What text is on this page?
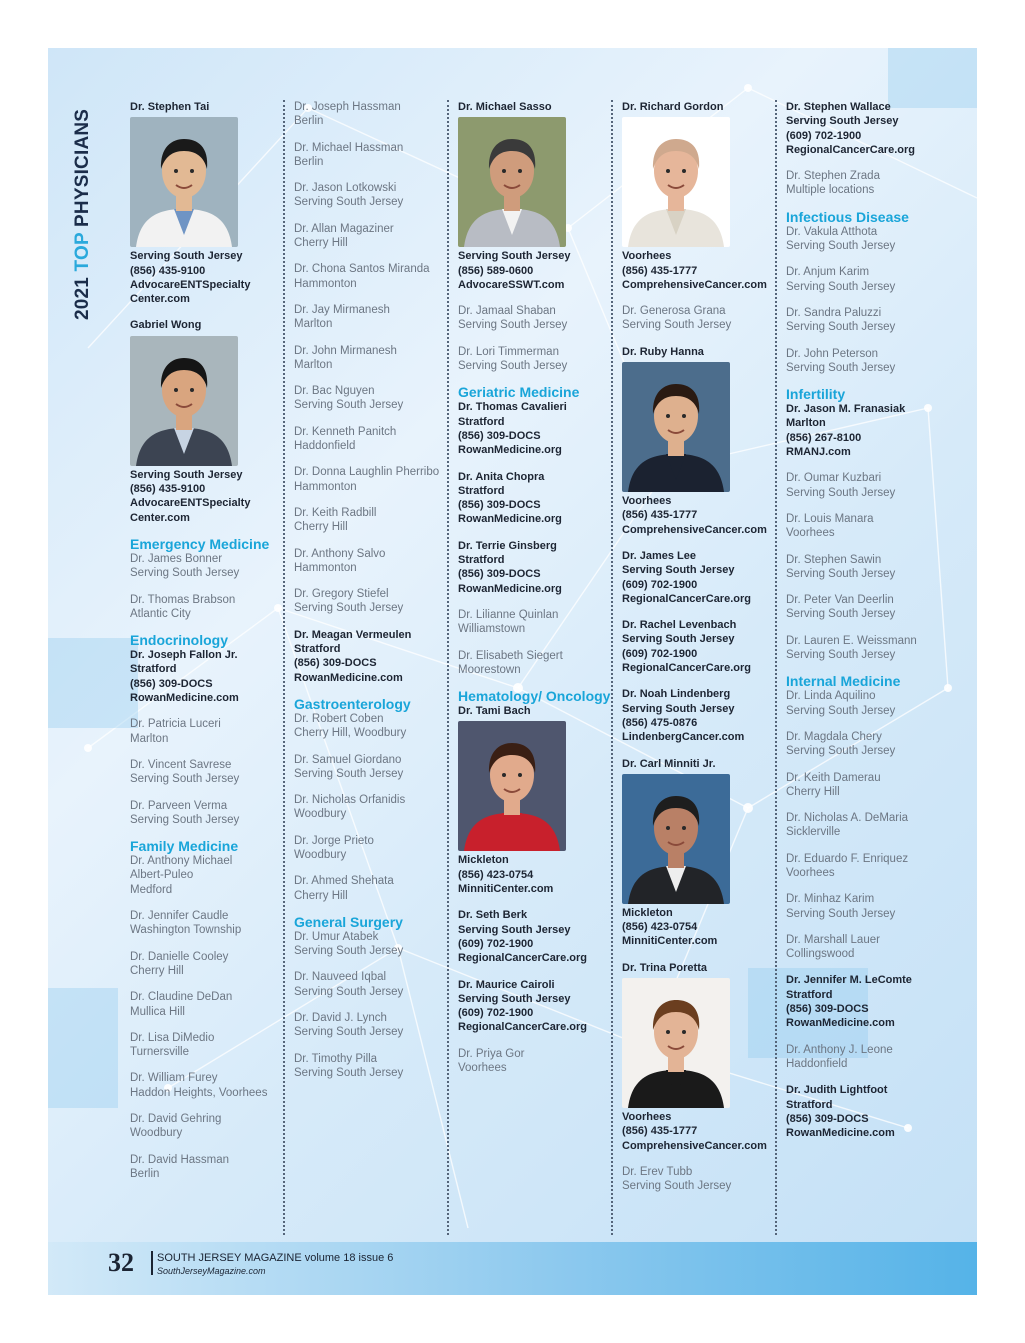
2021 TOP PHYSICIANS
Dr. Stephen Tai
Serving South Jersey
(856) 435-9100
AdvocareENTSpecialty
Center.com
Gabriel Wong
Serving South Jersey
(856) 435-9100
AdvocareENTSpecialty
Center.com
Emergency Medicine
Dr. James Bonner
Serving South Jersey
Dr. Thomas Brabson
Atlantic City
Endocrinology
Dr. Joseph Fallon Jr.
Stratford
(856) 309-DOCS
RowanMedicine.com
Dr. Patricia Luceri
Marlton
Dr. Vincent Savrese
Serving South Jersey
Dr. Parveen Verma
Serving South Jersey
Family Medicine
Dr. Anthony Michael
Albert-Puleo
Medford
Dr. Jennifer Caudle
Washington Township
Dr. Danielle Cooley
Cherry Hill
Dr. Claudine DeDan
Mullica Hill
Dr. Lisa DiMedio
Turnersville
Dr. William Furey
Haddon Heights, Voorhees
Dr. David Gehring
Woodbury
Dr. David Hassman
Berlin
Dr. Joseph Hassman
Berlin
Dr. Michael Hassman
Berlin
Dr. Jason Lotkowski
Serving South Jersey
Dr. Allan Magaziner
Cherry Hill
Dr. Chona Santos Miranda
Hammonton
Dr. Jay Mirmanesh
Marlton
Dr. John Mirmanesh
Marlton
Dr. Bac Nguyen
Serving South Jersey
Dr. Kenneth Panitch
Haddonfield
Dr. Donna Laughlin Pherribo
Hammonton
Dr. Keith Radbill
Cherry Hill
Dr. Anthony Salvo
Hammonton
Dr. Gregory Stiefel
Serving South Jersey
Dr. Meagan Vermeulen
Stratford
(856) 309-DOCS
RowanMedicine.com
Gastroenterology
Dr. Robert Coben
Cherry Hill, Woodbury
Dr. Samuel Giordano
Serving South Jersey
Dr. Nicholas Orfanidis
Woodbury
Dr. Jorge Prieto
Woodbury
Dr. Ahmed Shehata
Cherry Hill
General Surgery
Dr. Umur Atabek
Serving South Jersey
Dr. Nauveed Iqbal
Serving South Jersey
Dr. David J. Lynch
Serving South Jersey
Dr. Timothy Pilla
Serving South Jersey
Dr. Michael Sasso
Serving South Jersey
(856) 589-0600
AdvocareSSWT.com
Dr. Jamaal Shaban
Serving South Jersey
Dr. Lori Timmerman
Serving South Jersey
Geriatric Medicine
Dr. Thomas Cavalieri
Stratford
(856) 309-DOCS
RowanMedicine.org
Dr. Anita Chopra
Stratford
(856) 309-DOCS
RowanMedicine.org
Dr. Terrie Ginsberg
Stratford
(856) 309-DOCS
RowanMedicine.org
Dr. Lilianne Quinlan
Williamstown
Dr. Elisabeth Siegert
Moorestown
Hematology/ Oncology
Dr. Tami Bach
Mickleton
(856) 423-0754
MinnitiCenter.com
Dr. Seth Berk
Serving South Jersey
(609) 702-1900
RegionalCancerCare.org
Dr. Maurice Cairoli
Serving South Jersey
(609) 702-1900
RegionalCancerCare.org
Dr. Priya Gor
Voorhees
Dr. Richard Gordon
Voorhees
(856) 435-1777
ComprehensiveCancer.com
Dr. Generosa Grana
Serving South Jersey
Dr. Ruby Hanna
Voorhees
(856) 435-1777
ComprehensiveCancer.com
Dr. James Lee
Serving South Jersey
(609) 702-1900
RegionalCancerCare.org
Dr. Rachel Levenbach
Serving South Jersey
(609) 702-1900
RegionalCancerCare.org
Dr. Noah Lindenberg
Serving South Jersey
(856) 475-0876
LindenbergCancer.com
Dr. Carl Minniti Jr.
Mickleton
(856) 423-0754
MinnitiCenter.com
Dr. Trina Poretta
Voorhees
(856) 435-1777
ComprehensiveCancer.com
Dr. Erev Tubb
Serving South Jersey
Dr. Stephen Wallace
Serving South Jersey
(609) 702-1900
RegionalCancerCare.org
Dr. Stephen Zrada
Multiple locations
Infectious Disease
Dr. Vakula Atthota
Serving South Jersey
Dr. Anjum Karim
Serving South Jersey
Dr. Sandra Paluzzi
Serving South Jersey
Dr. John Peterson
Serving South Jersey
Infertility
Dr. Jason M. Franasiak
Marlton
(856) 267-8100
RMANJ.com
Dr. Oumar Kuzbari
Serving South Jersey
Dr. Louis Manara
Voorhees
Dr. Stephen Sawin
Serving South Jersey
Dr. Peter Van Deerlin
Serving South Jersey
Dr. Lauren E. Weissmann
Serving South Jersey
Internal Medicine
Dr. Linda Aquilino
Serving South Jersey
Dr. Magdala Chery
Serving South Jersey
Dr. Keith Damerau
Cherry Hill
Dr. Nicholas A. DeMaria
Sicklerville
Dr. Eduardo F. Enriquez
Voorhees
Dr. Minhaz Karim
Serving South Jersey
Dr. Marshall Lauer
Collingswood
Dr. Jennifer M. LeComte
Stratford
(856) 309-DOCS
RowanMedicine.com
Dr. Anthony J. Leone
Haddonfield
Dr. Judith Lightfoot
Stratford
(856) 309-DOCS
RowanMedicine.com
32 SOUTH JERSEY MAGAZINE volume 18 issue 6
SouthJerseyMagazine.com
